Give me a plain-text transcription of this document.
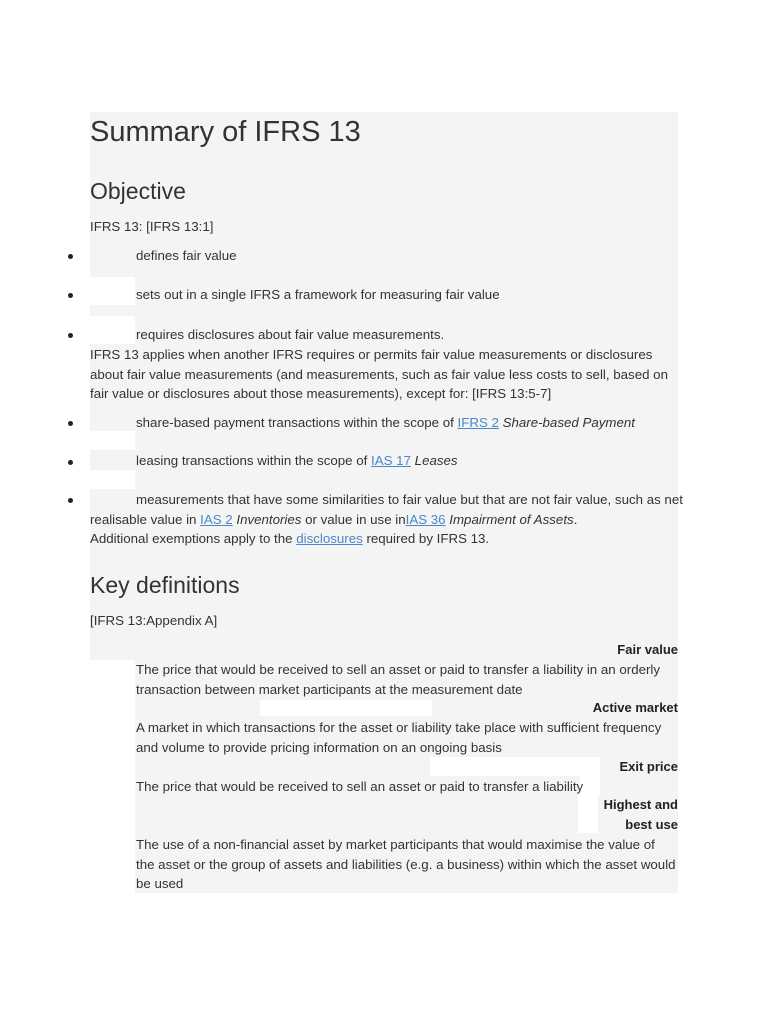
Summary of IFRS 13
Objective
IFRS 13: [IFRS 13:1]
defines fair value
sets out in a single IFRS a framework for measuring fair value
requires disclosures about fair value measurements.
IFRS 13 applies when another IFRS requires or permits fair value measurements or disclosures about fair value measurements (and measurements, such as fair value less costs to sell, based on fair value or disclosures about those measurements), except for: [IFRS 13:5-7]
share-based payment transactions within the scope of IFRS 2 Share-based Payment
leasing transactions within the scope of IAS 17 Leases
measurements that have some similarities to fair value but that are not fair value, such as net
realisable value in IAS 2 Inventories or value in use inIAS 36 Impairment of Assets.
Additional exemptions apply to the disclosures required by IFRS 13.
Key definitions
[IFRS 13:Appendix A]
Fair value
The price that would be received to sell an asset or paid to transfer a liability in an orderly transaction between market participants at the measurement date
Active market
A market in which transactions for the asset or liability take place with sufficient frequency and volume to provide pricing information on an ongoing basis
Exit price
The price that would be received to sell an asset or paid to transfer a liability
Highest and
best use
The use of a non-financial asset by market participants that would maximise the value of the asset or the group of assets and liabilities (e.g. a business) within which the asset would be used
